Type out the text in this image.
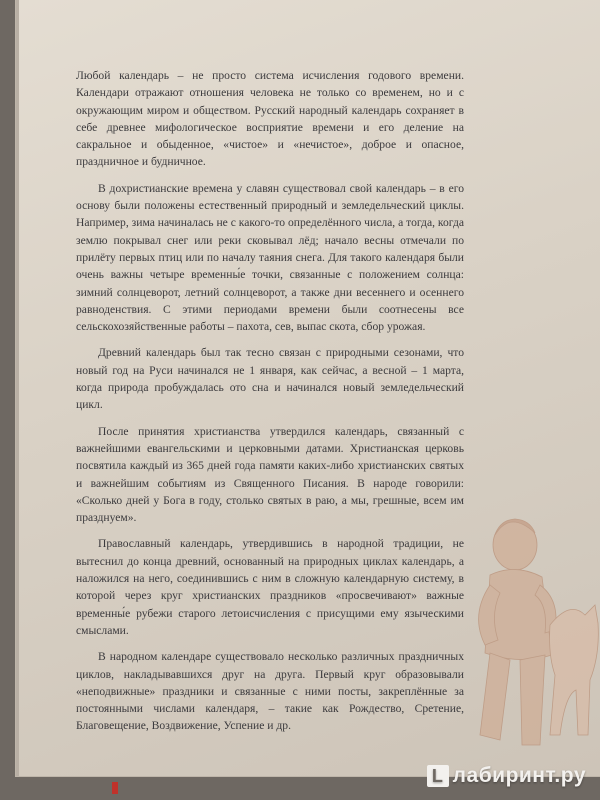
Любой календарь – не просто система исчисления годового времени. Календари отражают отношения человека не только со временем, но и с окружающим миром и обществом. Русский народный календарь сохраняет в себе древнее мифологическое восприятие времени и его деление на сакральное и обыденное, «чистое» и «нечистое», доброе и опасное, праздничное и будничное.

В дохристианские времена у славян существовал свой календарь – в его основу были положены естественный природный и земледельческий циклы. Например, зима начиналась не с какого-то определённого числа, а тогда, когда землю покрывал снег или реки сковывал лёд; начало весны отмечали по прилёту первых птиц или по началу таяния снега. Для такого календаря были очень важны четыре временны́е точки, связанные с положением солнца: зимний солнцеворот, летний солнцеворот, а также дни весеннего и осеннего равноденствия. С этими периодами времени были соотнесены все сельскохозяйственные работы – пахота, сев, выпас скота, сбор урожая.

Древний календарь был так тесно связан с природными сезонами, что новый год на Руси начинался не 1 января, как сейчас, а весной – 1 марта, когда природа пробуждалась ото сна и начинался новый земледельческий цикл.

После принятия христианства утвердился календарь, связанный с важнейшими евангельскими и церковными датами. Христианская церковь посвятила каждый из 365 дней года памяти каких-либо христианских святых и важнейшим событиям из Священного Писания. В народе говорили: «Сколько дней у Бога в году, столько святых в раю, а мы, грешные, всем им празднуем».

Православный календарь, утвердившись в народной традиции, не вытеснил до конца древний, основанный на природных циклах календарь, а наложился на него, соединившись с ним в сложную календарную систему, в которой через круг христианских праздников «просвечивают» важные временны́е рубежи старого летоисчисления с присущими ему языческими смыслами.

В народном календаре существовало несколько различных праздничных циклов, накладывавшихся друг на друга. Первый круг образовывали «неподвижные» праздники и связанные с ними посты, закреплённые за постоянными числами календаря, – такие как Рождество, Сретение, Благовещение, Воздвижение, Успение и др.

L лабиринт.ру
